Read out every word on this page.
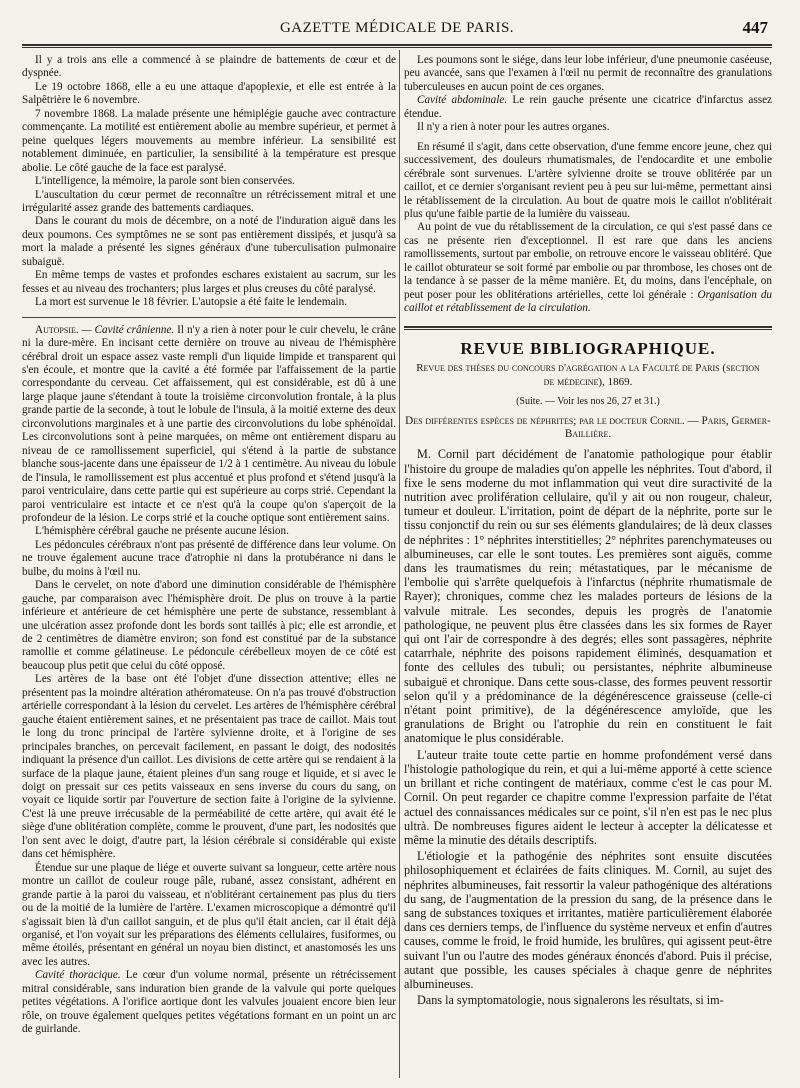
GAZETTE MÉDICALE DE PARIS.	447

Il y a trois ans elle a commencé à se plaindre de battements de cœur et de dyspnée.

Le 19 octobre 1868, elle a eu une attaque d'apoplexie, et elle est entrée à la Salpêtrière le 6 novembre.

7 novembre 1868. La malade présente une hémiplégie gauche avec contracture commençante. La motilité est entièrement abolie au membre supérieur, et permet à peine quelques légers mouvements au membre inférieur. La sensibilité est notablement diminuée, en particulier, la sensibilité à la température est presque abolie. Le côté gauche de la face est paralysé.

L'intelligence, la mémoire, la parole sont bien conservées.

L'auscultation du cœur permet de reconnaître un rétrécissement mitral et une irrégularité assez grande des battements cardiaques.

Dans le courant du mois de décembre, on a noté de l'induration aiguë dans les deux poumons. Ces symptômes ne se sont pas entièrement dissipés, et jusqu'à sa mort la malade a présenté les signes généraux d'une tuberculisation pulmonaire subaiguë.

En même temps de vastes et profondes eschares existaient au sacrum, sur les fesses et au niveau des trochanters; plus larges et plus creuses du côté paralysé.

La mort est survenue le 18 février. L'autopsie a été faite le lendemain.

Autopsie. — Cavité crânienne. Il n'y a rien à noter pour le cuir chevelu, le crâne ni la dure-mère. En incisant cette dernière on trouve au niveau de l'hémisphère cérébral droit un espace assez vaste rempli d'un liquide limpide et transparent qui s'en écoule, et montre que la cavité a été formée par l'affaissement de la partie correspondante du cerveau. Cet affaissement, qui est considérable, est dû à une large plaque jaune s'étendant à toute la troisième circonvolution frontale, à la plus grande partie de la seconde, à tout le lobule de l'insula, à la moitié externe des deux circonvolutions marginales et à une partie des circonvolutions du lobe sphénoïdal. Les circonvolutions sont à peine marquées, on même ont entièrement disparu au niveau de ce ramollissement superficiel, qui s'étend à la partie de substance blanche sous-jacente dans une épaisseur de 1/2 à 1 centimètre. Au niveau du lobule de l'insula, le ramollissement est plus accentué et plus profond et s'étend jusqu'à la paroi ventriculaire, dans cette partie qui est supérieure au corps strié. Cependant la paroi ventriculaire est intacte et ce n'est qu'à la coupe qu'on s'aperçoit de la profondeur de la lésion. Le corps strié et la couche optique sont entièrement sains.

L'hémisphère cérébral gauche ne présente aucune lésion.

Les pédoncules cérébraux n'ont pas présenté de différence dans leur volume. On ne trouve également aucune trace d'atrophie ni dans la protubérance ni dans le bulbe, du moins à l'œil nu.

Dans le cervelet, on note d'abord une diminution considérable de l'hémisphère gauche, par comparaison avec l'hémisphère droit. De plus on trouve à la partie inférieure et antérieure de cet hémisphère une perte de substance, ressemblant à une ulcération assez profonde dont les bords sont taillés à pic; elle est arrondie, et de 2 centimètres de diamètre environ; son fond est constitué par de la substance ramollie et comme gélatineuse. Le pédoncule cérébelleux moyen de ce côté est beaucoup plus petit que celui du côté opposé.

Les artères de la base ont été l'objet d'une dissection attentive; elles ne présentent pas la moindre altération athéromateuse. On n'a pas trouvé d'obstruction artérielle correspondant à la lésion du cervelet. Les artères de l'hémisphère cérébral gauche étaient entièrement saines, et ne présentaient pas trace de caillot. Mais tout le long du tronc principal de l'artère sylvienne droite, et à l'origine de ses principales branches, on percevait facilement, en passant le doigt, des nodosités indiquant la présence d'un caillot. Les divisions de cette artère qui se rendaient à la surface de la plaque jaune, étaient pleines d'un sang rouge et liquide, et si avec le doigt on pressait sur ces petits vaisseaux en sens inverse du cours du sang, on voyait ce liquide sortir par l'ouverture de section faite à l'origine de la sylvienne. C'est là une preuve irrécusable de la perméabilité de cette artère, qui avait été le siège d'une oblitération complète, comme le prouvent, d'une part, les nodosités que l'on sent avec le doigt, d'autre part, la lésion cérébrale si considérable qui existe dans cet hémisphère.

Étendue sur une plaque de liége et ouverte suivant sa longueur, cette artère nous montre un caillot de couleur rouge pâle, rubané, assez consistant, adhérent en grande partie à la paroi du vaisseau, et n'oblitérant certainement pas plus du tiers ou de la moitié de la lumière de l'artère. L'examen microscopique a démontré qu'il s'agissait bien là d'un caillot sanguin, et de plus qu'il était ancien, car il était déjà organisé, et l'on voyait sur les préparations des éléments cellulaires, fusiformes, ou même étoilés, présentant en général un noyau bien distinct, et anastomosés les uns avec les autres.

Cavité thoracique. Le cœur d'un volume normal, présente un rétrécissement mitral considérable, sans induration bien grande de la valvule qui porte quelques petites végétations. A l'orifice aortique dont les valvules jouaient encore bien leur rôle, on trouve également quelques petites végétations formant en un point un arc de guirlande.

Les poumons sont le siége, dans leur lobe inférieur, d'une pneumonie caséeuse, peu avancée, sans que l'examen à l'œil nu permit de reconnaître des granulations tuberculeuses en aucun point de ces organes.

Cavité abdominale. Le rein gauche présente une cicatrice d'infarctus assez étendue.

Il n'y a rien à noter pour les autres organes.

En résumé il s'agit, dans cette observation, d'une femme encore jeune, chez qui successivement, des douleurs rhumatismales, de l'endocardite et une embolie cérébrale sont survenues. L'artère sylvienne droite se trouve oblitérée par un caillot, et ce dernier s'organisant revient peu à peu sur lui-même, permettant ainsi le rétablissement de la circulation. Au bout de quatre mois le caillot n'oblitérait plus qu'une faible partie de la lumière du vaisseau.

Au point de vue du rétablissement de la circulation, ce qui s'est passé dans ce cas ne présente rien d'exceptionnel. Il est rare que dans les anciens ramollissements, surtout par embolie, on retrouve encore le vaisseau oblitéré. Que le caillot obturateur se soit formé par embolie ou par thrombose, les choses ont de la tendance à se passer de la même manière. Et, du moins, dans l'encéphale, on peut poser pour les oblitérations artérielles, cette loi générale : Organisation du caillot et rétablissement de la circulation.

REVUE BIBLIOGRAPHIQUE.
Revue des thèses du concours d'agrégation a la Faculté de Paris (section de médecine), 1869.
(Suite. — Voir les nos 26, 27 et 31.)
Des différentes espèces de néphrites; par le docteur Cornil. — Paris, Germer-Baillière.

M. Cornil part décidément de l'anatomie pathologique pour établir l'histoire du groupe de maladies qu'on appelle les néphrites. Tout d'abord, il fixe le sens moderne du mot inflammation qui veut dire suractivité de la nutrition avec prolifération cellulaire, qu'il y ait ou non rougeur, chaleur, tumeur et douleur. L'irritation, point de départ de la néphrite, porte sur le tissu conjonctif du rein ou sur ses éléments glandulaires; de là deux classes de néphrites : 1° néphrites interstitielles; 2° néphrites parenchymateuses ou albumineuses, car elle le sont toutes. Les premières sont aiguës, comme dans les traumatismes du rein; métastatiques, par le mécanisme de l'embolie qui s'arrête quelquefois à l'infarctus (néphrite rhumatismale de Rayer); chroniques, comme chez les malades porteurs de lésions de la valvule mitrale. Les secondes, depuis les progrès de l'anatomie pathologique, ne peuvent plus être classées dans les six formes de Rayer qui ont l'air de correspondre à des degrés; elles sont passagères, néphrite catarrhale, néphrite des poisons rapidement éliminés, desquamation et fonte des cellules des tubuli; ou persistantes, néphrite albumineuse subaiguë et chronique. Dans cette sous-classe, des formes peuvent ressortir selon qu'il y a prédominance de la dégénérescence graisseuse (celle-ci n'étant point primitive), de la dégénérescence amyloïde, que les granulations de Bright ou l'atrophie du rein en constituent le fait anatomique le plus considérable.

L'auteur traite toute cette partie en homme profondément versé dans l'histologie pathologique du rein, et qui a lui-même apporté à cette science un brillant et riche contingent de matériaux, comme c'est le cas pour M. Cornil. On peut regarder ce chapitre comme l'expression parfaite de l'état actuel des connaissances médicales sur ce point, s'il n'en est pas le nec plus ultrà. De nombreuses figures aident le lecteur à accepter la délicatesse et même la minutie des détails descriptifs.

L'étiologie et la pathogénie des néphrites sont ensuite discutées philosophiquement et éclairées de faits cliniques. M. Cornil, au sujet des néphrites albumineuses, fait ressortir la valeur pathogénique des altérations du sang, de l'augmentation de la pression du sang, de la présence dans le sang de substances toxiques et irritantes, matière particulièrement élaborée dans ces derniers temps, de l'influence du système nerveux et enfin d'autres causes, comme le froid, le froid humide, les brulûres, qui agissent peut-être suivant l'un ou l'autre des modes généraux énoncés d'abord. Puis il précise, autant que possible, les causes spéciales à chaque genre de néphrites albumineuses.

Dans la symptomatologie, nous signalerons les résultats, si im-
